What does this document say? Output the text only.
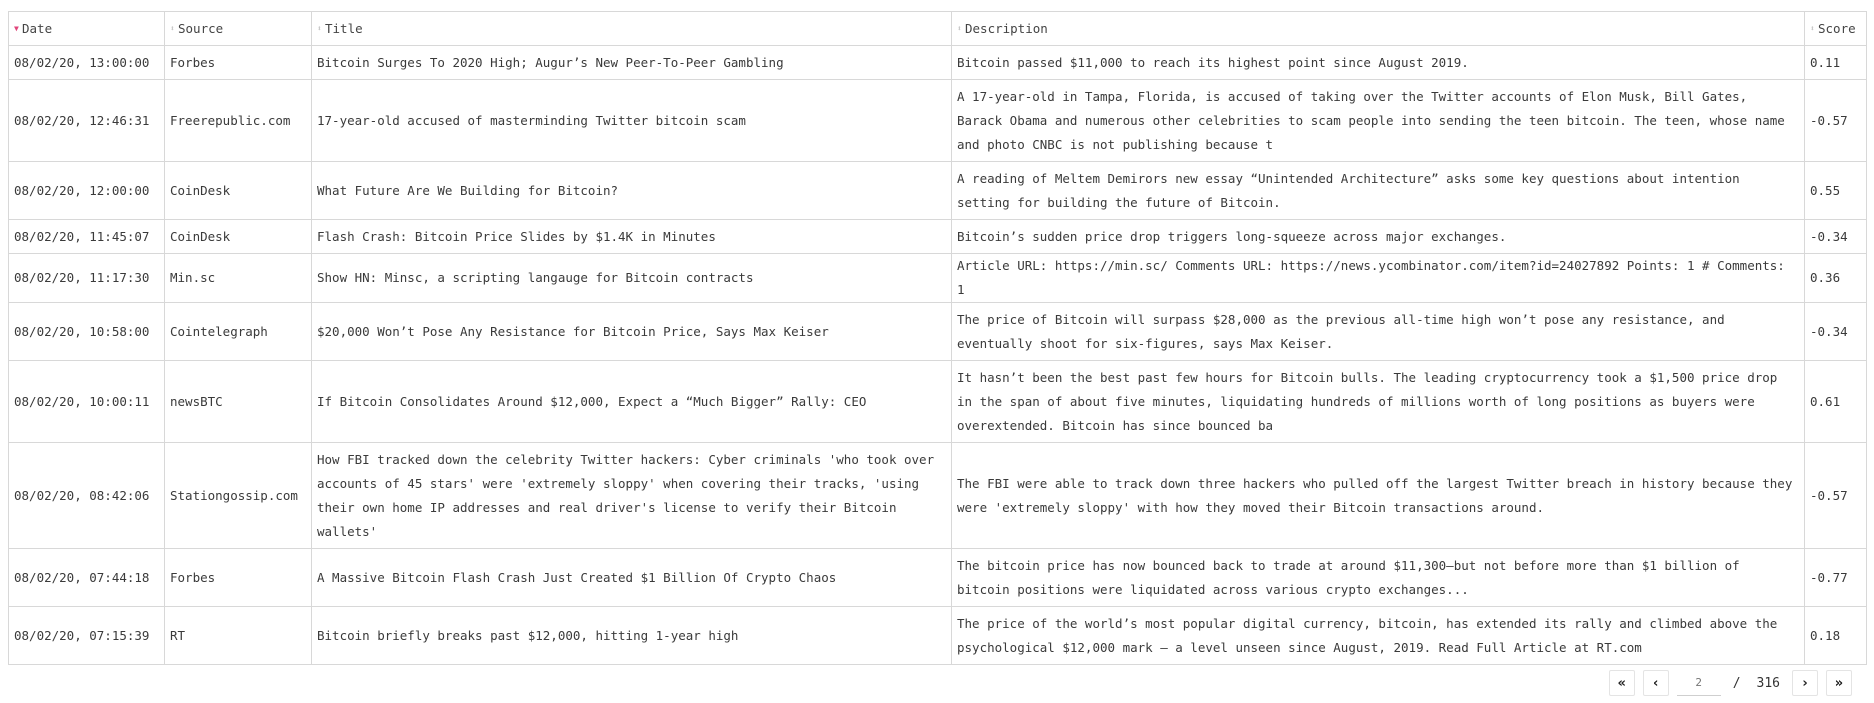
▼ Date	⬍ Source	⬍ Title	⬍ Description	⬍ Score
08/02/20, 13:00:00	Forbes	Bitcoin Surges To 2020 High; Augur’s New Peer-To-Peer Gambling	Bitcoin passed $11,000 to reach its highest point since August 2019.	0.11
08/02/20, 12:46:31	Freerepublic.com	17-year-old accused of masterminding Twitter bitcoin scam	A 17-year-old in Tampa, Florida, is accused of taking over the Twitter accounts of Elon Musk, Bill Gates, Barack Obama and numerous other celebrities to scam people into sending the teen bitcoin. The teen, whose name and photo CNBC is not publishing because t	-0.57
08/02/20, 12:00:00	CoinDesk	What Future Are We Building for Bitcoin?	A reading of Meltem Demirors new essay “Unintended Architecture” asks some key questions about intention setting for building the future of Bitcoin.	0.55
08/02/20, 11:45:07	CoinDesk	Flash Crash: Bitcoin Price Slides by $1.4K in Minutes	Bitcoin’s sudden price drop triggers long-squeeze across major exchanges.	-0.34
08/02/20, 11:17:30	Min.sc	Show HN: Minsc, a scripting langauge for Bitcoin contracts	Article URL: https://min.sc/ Comments URL: https://news.ycombinator.com/item?id=24027892 Points: 1 # Comments: 1	0.36
08/02/20, 10:58:00	Cointelegraph	$20,000 Won’t Pose Any Resistance for Bitcoin Price, Says Max Keiser	The price of Bitcoin will surpass $28,000 as the previous all-time high won’t pose any resistance, and eventually shoot for six-figures, says Max Keiser.	-0.34
08/02/20, 10:00:11	newsBTC	If Bitcoin Consolidates Around $12,000, Expect a “Much Bigger” Rally: CEO	It hasn’t been the best past few hours for Bitcoin bulls. The leading cryptocurrency took a $1,500 price drop in the span of about five minutes, liquidating hundreds of millions worth of long positions as buyers were overextended. Bitcoin has since bounced ba	0.61
08/02/20, 08:42:06	Stationgossip.com	How FBI tracked down the celebrity Twitter hackers: Cyber criminals 'who took over accounts of 45 stars' were 'extremely sloppy' when covering their tracks, 'using their own home IP addresses and real driver's license to verify their Bitcoin wallets'	The FBI were able to track down three hackers who pulled off the largest Twitter breach in history because they were 'extremely sloppy' with how they moved their Bitcoin transactions around.	-0.57
08/02/20, 07:44:18	Forbes	A Massive Bitcoin Flash Crash Just Created $1 Billion Of Crypto Chaos	The bitcoin price has now bounced back to trade at around $11,300—but not before more than $1 billion of bitcoin positions were liquidated across various crypto exchanges...	-0.77
08/02/20, 07:15:39	RT	Bitcoin briefly breaks past $12,000, hitting 1-year high	The price of the world’s most popular digital currency, bitcoin, has extended its rally and climbed above the psychological $12,000 mark – a level unseen since August, 2019. Read Full Article at RT.com	0.18
« ‹
2	/	316	› »
